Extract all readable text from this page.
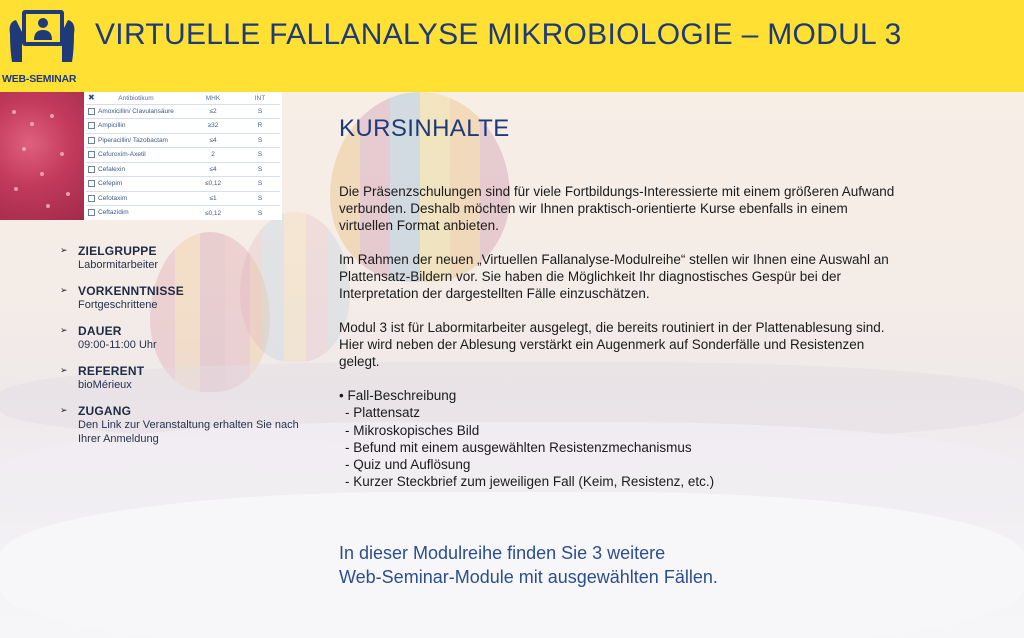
WEB-SEMINAR
VIRTUELLE FALLANALYSE MIKROBIOLOGIE – MODUL 3
✖	Antibiotikum	MHK	INT
Amoxicillin/ Clavulansäure	≤2	S
Ampicillin	≥32	R
Piperacillin/ Tazobactam	≤4	S
Cefuroxim-Axetil	2	S
Cefalexin	≤4	S
Cefepim	≤0,12	S
Cefotaxim	≤1	S
Ceftazidim	≤0,12	S
➢ ZIELGRUPPE
Labormitarbeiter
➢ VORKENNTNISSE
Fortgeschrittene
➢ DAUER
09:00-11:00 Uhr
➢ REFERENT
bioMérieux
➢ ZUGANG
Den Link zur Veranstaltung erhalten Sie nach Ihrer Anmeldung
KURSINHALTE

Die Präsenzschulungen sind für viele Fortbildungs-Interessierte mit einem größeren Aufwand verbunden. Deshalb möchten wir Ihnen praktisch-orientierte Kurse ebenfalls in einem virtuellen Format anbieten.

Im Rahmen der neuen „Virtuellen Fallanalyse-Modulreihe“ stellen wir Ihnen eine Auswahl an Plattensatz-Bildern vor. Sie haben die Möglichkeit Ihr diagnostisches Gespür bei der Interpretation der dargestellten Fälle einzuschätzen.

Modul 3 ist für Labormitarbeiter ausgelegt, die bereits routiniert in der Plattenablesung sind. Hier wird neben der Ablesung verstärkt ein Augenmerk auf Sonderfälle und Resistenzen gelegt.

• Fall-Beschreibung
- Plattensatz
- Mikroskopisches Bild
- Befund mit einem ausgewählten Resistenzmechanismus
- Quiz und Auflösung
- Kurzer Steckbrief zum jeweiligen Fall (Keim, Resistenz, etc.)
In dieser Modulreihe finden Sie 3 weitere
Web-Seminar-Module mit ausgewählten Fällen.
